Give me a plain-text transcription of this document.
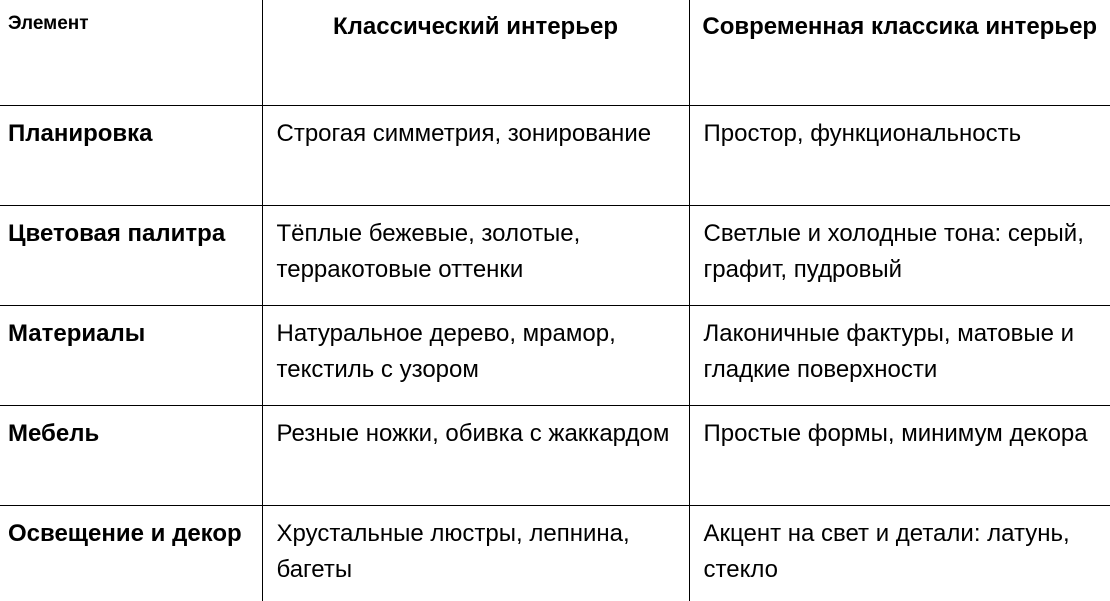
Элемент	Классический интерьер	Современная классика интерьер
Планировка	Строгая симметрия, зонирование	Простор, функциональность
Цветовая палитра	Тёплые бежевые, золотые, терракотовые оттенки	Светлые и холодные тона: серый, графит, пудровый
Материалы	Натуральное дерево, мрамор, текстиль с узором	Лаконичные фактуры, матовые и гладкие поверхности
Мебель	Резные ножки, обивка с жаккардом	Простые формы, минимум декора
Освещение и декор	Хрустальные люстры, лепнина, багеты	Акцент на свет и детали: латунь, стекло
